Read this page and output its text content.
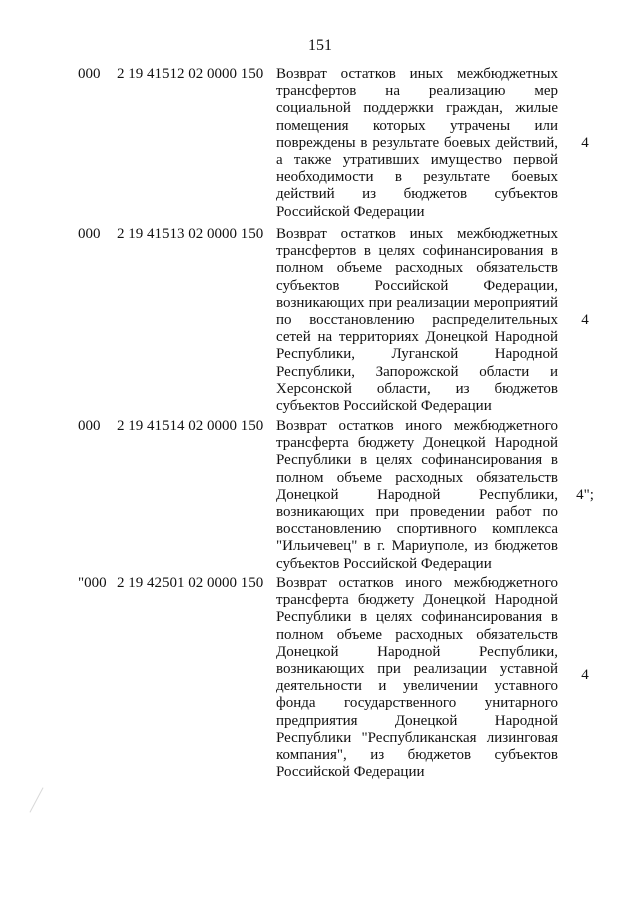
151
000 2 19 41512 02 0000 150 Возврат остатков иных межбюджетных трансфертов на реализацию мер социальной поддержки граждан, жилые помещения которых утрачены или повреждены в результате боевых действий, а также утративших имущество первой необходимости в результате боевых действий из бюджетов субъектов Российской Федерации
4
000 2 19 41513 02 0000 150 Возврат остатков иных межбюджетных трансфертов в целях софинансирования в полном объеме расходных обязательств субъектов Российской Федерации, возникающих при реализации мероприятий по восстановлению распределительных сетей на территориях Донецкой Народной Республики, Луганской Народной Республики, Запорожской области и Херсонской области, из бюджетов субъектов Российской Федерации
4
000 2 19 41514 02 0000 150 Возврат остатков иного межбюджетного трансферта бюджету Донецкой Народной Республики в целях софинансирования в полном объеме расходных обязательств Донецкой Народной Республики, возникающих при проведении работ по восстановлению спортивного комплекса "Ильичевец" в г. Мариуполе, из бюджетов субъектов Российской Федерации
4";
"000 2 19 42501 02 0000 150 Возврат остатков иного межбюджетного трансферта бюджету Донецкой Народной Республики в целях софинансирования в полном объеме расходных обязательств Донецкой Народной Республики, возникающих при реализации уставной деятельности и увеличении уставного фонда государственного унитарного предприятия Донецкой Народной Республики "Республиканская лизинговая компания", из бюджетов субъектов Российской Федерации
4
